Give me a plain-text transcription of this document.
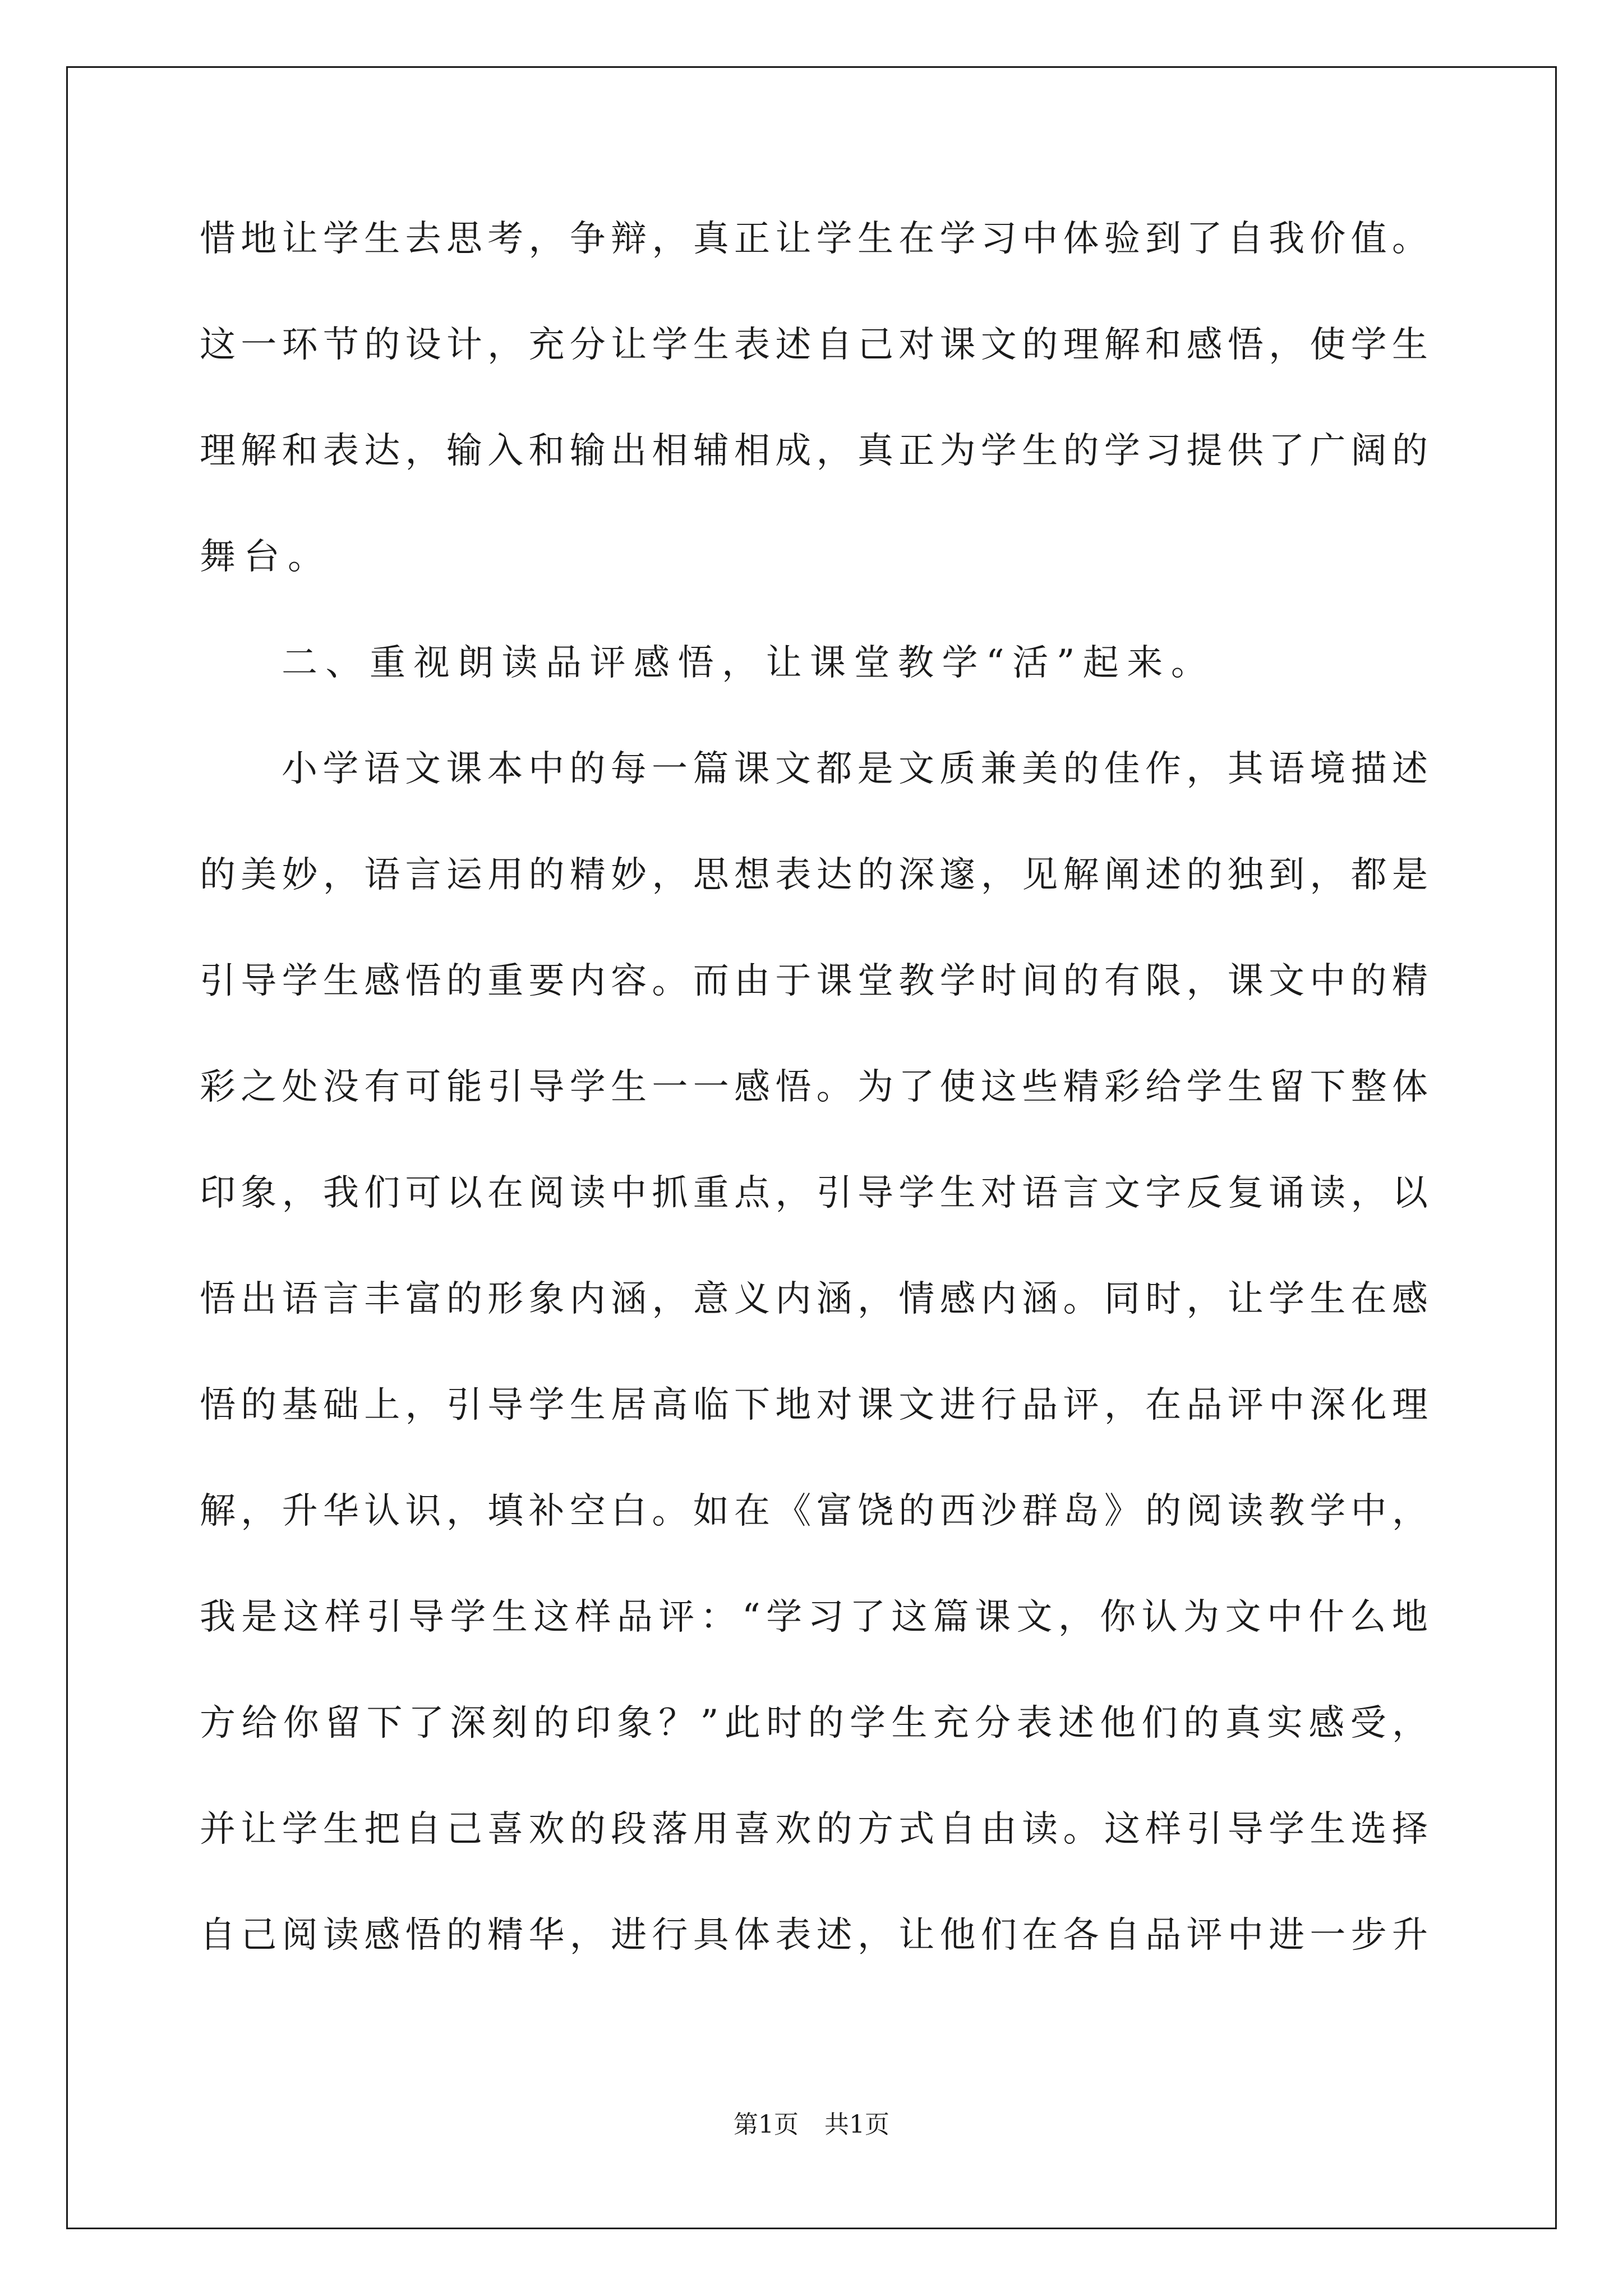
惜地让学生去思考，争辩，真正让学生在学习中体验到了自我价值。
这一环节的设计，充分让学生表述自己对课文的理解和感悟，使学生
理解和表达，输入和输出相辅相成，真正为学生的学习提供了广阔的
舞台。
二、重视朗读品评感悟，让课堂教学“活”起来。
小学语文课本中的每一篇课文都是文质兼美的佳作，其语境描述
的美妙，语言运用的精妙，思想表达的深邃，见解阐述的独到，都是
引导学生感悟的重要内容。而由于课堂教学时间的有限，课文中的精
彩之处没有可能引导学生一一感悟。为了使这些精彩给学生留下整体
印象，我们可以在阅读中抓重点，引导学生对语言文字反复诵读，以
悟出语言丰富的形象内涵，意义内涵，情感内涵。同时，让学生在感
悟的基础上，引导学生居高临下地对课文进行品评，在品评中深化理
解，升华认识，填补空白。如在《富饶的西沙群岛》的阅读教学中，
我是这样引导学生这样品评：“学习了这篇课文，你认为文中什么地
方给你留下了深刻的印象？”此时的学生充分表述他们的真实感受，
并让学生把自己喜欢的段落用喜欢的方式自由读。这样引导学生选择
自己阅读感悟的精华，进行具体表述，让他们在各自品评中进一步升
第1页 共1页
